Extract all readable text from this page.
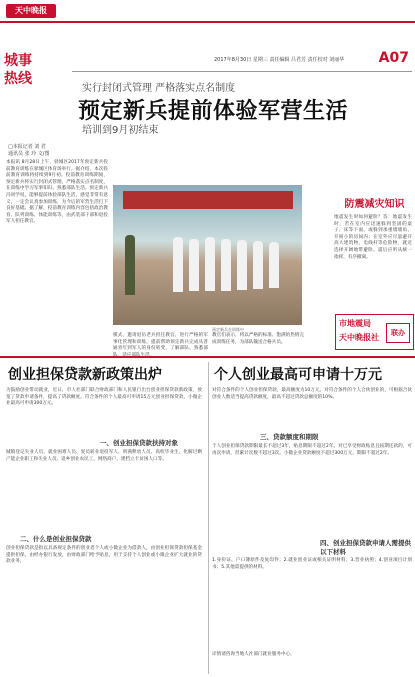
天中晚报
城事
热线
2017年8月30日 星期三 责任编辑 吕君芳 责任校对 刘丽华 A07
实行封闭式管理 严格落实点名制度
预定新兵提前体验军营生活
培训到9月初结束
□本报记者 刘 君
通讯员 张 玲 文/图
本报讯 8月28日上午，驿城区2017年预定新兵役前教育训练在驿城区体育场举行。据介绍，本次役前教育训练将持续到9月初。役前教育训练期间，预定新兵将实行封闭式管理，严格落实点名制度，在训练中学习军事知识、熟悉部队生活。预定新兵冯同学说，能够提前体验部队生活，感觉非常有意义，一定会认真参加训练，为今后的军营生活打下良好基础。据了解，役前教育训练内容包括政治教育、队列训练、体能训练等，由武装部干部和退役军人担任教官。
模式，邀请退伍老兵担任教官，进行严格的军事化管理和训练，提前帮助预定新兵完成从普通青年到军人的身份转变，了解部队、熟悉部
教官们表示，将以严格的标准、饱满的热情完成训练任务，为部队输送合格兵员。
预定新兵在训练中
防震减灾知识
地震发生时如何避险？答：地震发生时，若在室内应迅速躲到坚固的桌子、床等下面，或躲到承重墙墙角、开间小的房间内；在室外应尽量避开高大建筑物、电线杆等危险物，就近选择开阔地带避险。震后应听从统一指挥，有序撤离。
市地震局
天中晚报社	联办
创业担保贷款新政策出炉
为鼓励创业带动就业，近日，市人社部门联合财政部门和人民银行出台创业担保贷款新政策，放宽了贷款申请条件，提高了贷款额度。符合条件的个人最高可申请15万元创业担保贷款，小微企业最高可申请300万元。
一、创业担保贷款扶持对象
城镇登记失业人员、就业困难人员、复员转业退役军人、刑满释放人员、高校毕业生、化解过剩产能企业职工和失业人员、返乡创业农民工、网络商户、建档立卡贫困人口等。
二、什么是创业担保贷款
创业担保贷款是指以具备规定条件的创业者个人或小微企业为借款人，由创业担保贷款担保基金提供担保，由经办银行发放，由财政部门给予贴息，用于支持个人创业或小微企业扩大就业的贷款业务。
个人创业最高可申请十万元
对符合条件的个人创业担保贷款，最高额度为10万元。对符合条件的个人合伙创业的，可根据合伙创业人数适当提高贷款额度，最高不超过贷款总额度的10%。
三、贷款额度和期限
个人创业担保贷款期限最长不超过3年，贴息期限不超过2年。对已享受财政贴息且按期还款的，可再次申请，但累计次数不超过3次。小微企业贷款额度不超过300万元，期限不超过2年。
四、创业担保贷款申请人需提供以下材料
1.身份证、户口簿原件及复印件；2.就业创业证或相关证明材料；3.营业执照；4.创业项目计划书；5.其他需提供的材料。
详情请咨询当地人社部门就业服务中心。
